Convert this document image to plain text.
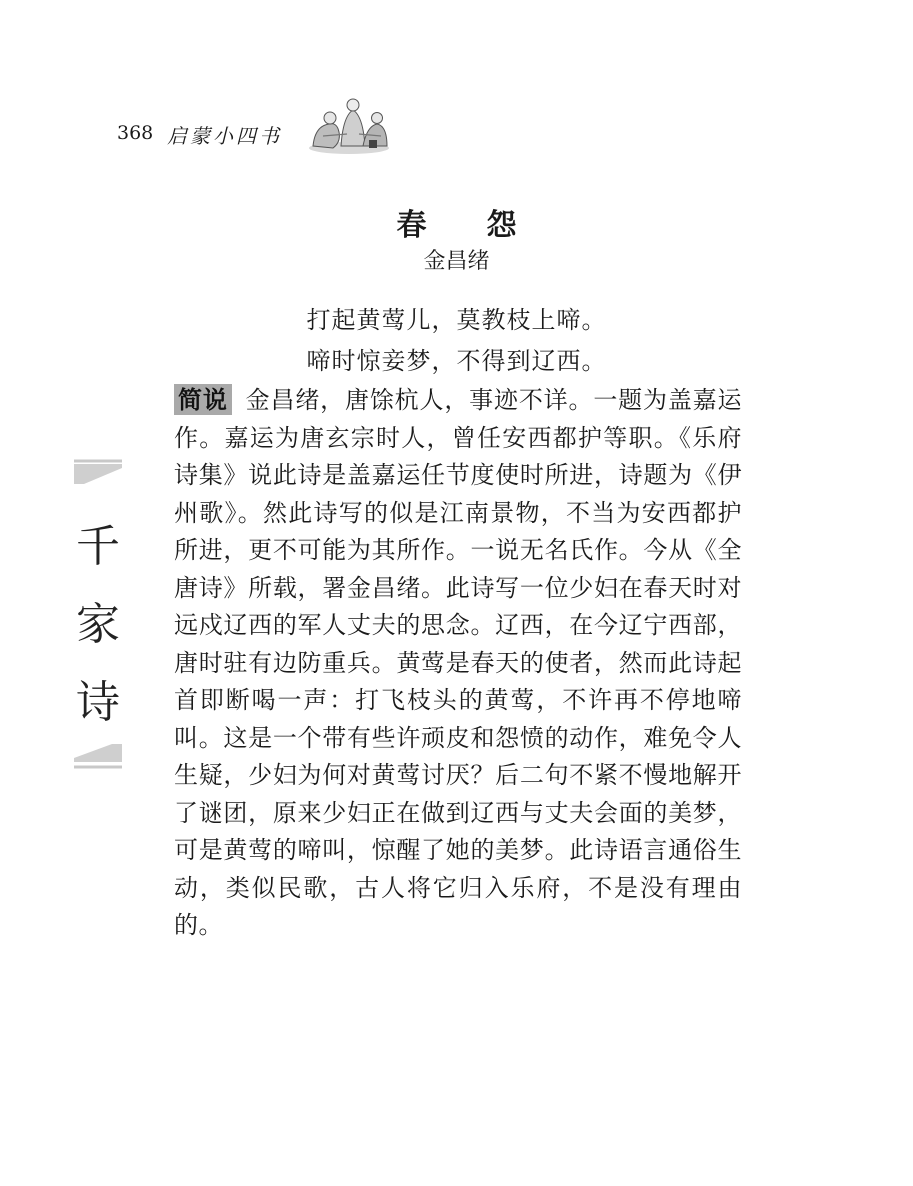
368 启蒙小四书
春 怨
金昌绪
打起黄莺儿，莫教枝上啼。
啼时惊妾梦，不得到辽西。
简说 金昌绪，唐馀杭人，事迹不详。一题为盖嘉运作。嘉运为唐玄宗时人，曾任安西都护等职。《乐府诗集》说此诗是盖嘉运任节度使时所进，诗题为《伊州歌》。然此诗写的似是江南景物，不当为安西都护所进，更不可能为其所作。一说无名氏作。今从《全唐诗》所载，署金昌绪。此诗写一位少妇在春天时对远戍辽西的军人丈夫的思念。辽西，在今辽宁西部，唐时驻有边防重兵。黄莺是春天的使者，然而此诗起首即断喝一声：打飞枝头的黄莺，不许再不停地啼叫。这是一个带有些许顽皮和怨愤的动作，难免令人生疑，少妇为何对黄莺讨厌？后二句不紧不慢地解开了谜团，原来少妇正在做到辽西与丈夫会面的美梦，可是黄莺的啼叫，惊醒了她的美梦。此诗语言通俗生动，类似民歌，古人将它归入乐府，不是没有理由的。
千
家
诗
